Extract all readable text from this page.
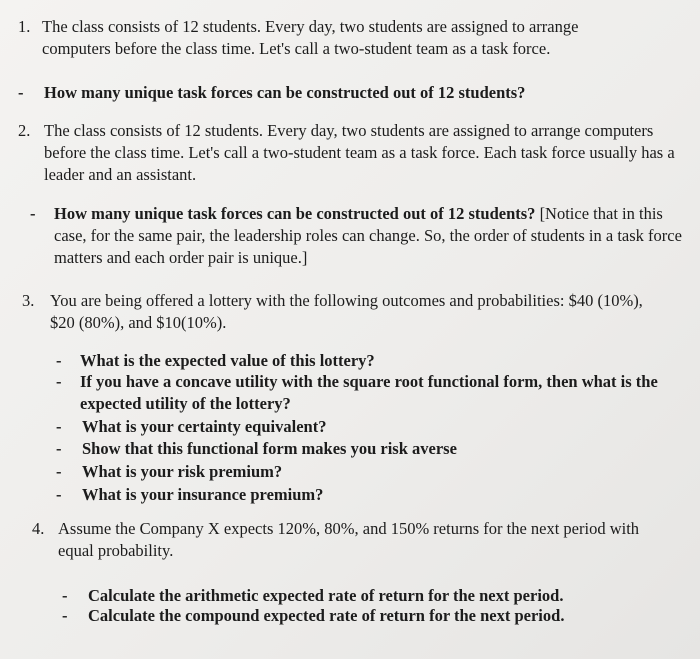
1. The class consists of 12 students. Every day, two students are assigned to arrange computers before the class time. Let's call a two-student team as a task force.
- How many unique task forces can be constructed out of 12 students?
2. The class consists of 12 students. Every day, two students are assigned to arrange computers before the class time. Let's call a two-student team as a task force. Each task force usually has a leader and an assistant.
- How many unique task forces can be constructed out of 12 students? [Notice that in this case, for the same pair, the leadership roles can change. So, the order of students in a task force matters and each order pair is unique.]
3. You are being offered a lottery with the following outcomes and probabilities: $40 (10%), $20 (80%), and $10(10%).
- What is the expected value of this lottery?
- If you have a concave utility with the square root functional form, then what is the expected utility of the lottery?
- What is your certainty equivalent?
- Show that this functional form makes you risk averse
- What is your risk premium?
- What is your insurance premium?
4. Assume the Company X expects 120%, 80%, and 150% returns for the next period with equal probability.
- Calculate the arithmetic expected rate of return for the next period.
- Calculate the compound expected rate of return for the next period.
